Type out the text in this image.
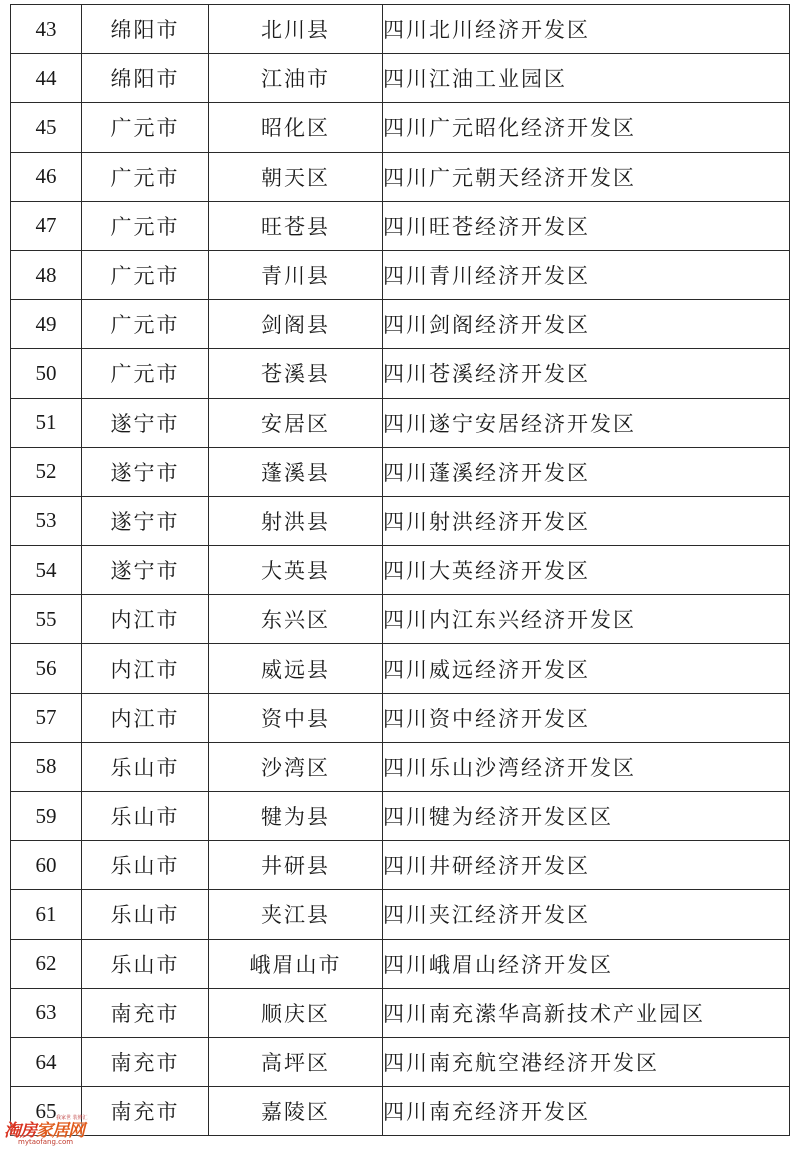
43	绵阳市	北川县	四川北川经济开发区
44	绵阳市	江油市	四川江油工业园区
45	广元市	昭化区	四川广元昭化经济开发区
46	广元市	朝天区	四川广元朝天经济开发区
47	广元市	旺苍县	四川旺苍经济开发区
48	广元市	青川县	四川青川经济开发区
49	广元市	剑阁县	四川剑阁经济开发区
50	广元市	苍溪县	四川苍溪经济开发区
51	遂宁市	安居区	四川遂宁安居经济开发区
52	遂宁市	蓬溪县	四川蓬溪经济开发区
53	遂宁市	射洪县	四川射洪经济开发区
54	遂宁市	大英县	四川大英经济开发区
55	内江市	东兴区	四川内江东兴经济开发区
56	内江市	威远县	四川威远经济开发区
57	内江市	资中县	四川资中经济开发区
58	乐山市	沙湾区	四川乐山沙湾经济开发区
59	乐山市	犍为县	四川犍为经济开发区区
60	乐山市	井研县	四川井研经济开发区
61	乐山市	夹江县	四川夹江经济开发区
62	乐山市	峨眉山市	四川峨眉山经济开发区
63	南充市	顺庆区	四川南充潆华高新技术产业园区
64	南充市	高坪区	四川南充航空港经济开发区
65	南充市	嘉陵区	四川南充经济开发区
淘房家居网
我家世 装修汇
mytaofang.com
